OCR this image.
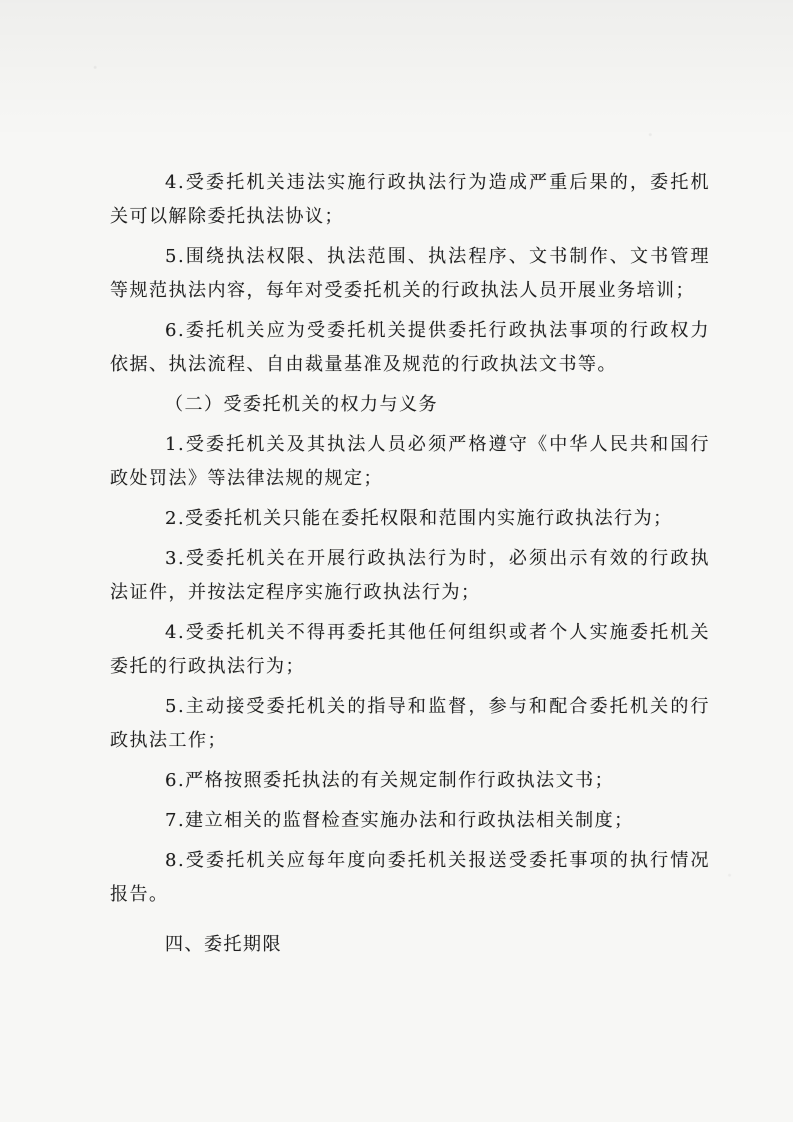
4.受委托机关违法实施行政执法行为造成严重后果的，委托机关可以解除委托执法协议；

5.围绕执法权限、执法范围、执法程序、文书制作、文书管理等规范执法内容，每年对受委托机关的行政执法人员开展业务培训；

6.委托机关应为受委托机关提供委托行政执法事项的行政权力依据、执法流程、自由裁量基准及规范的行政执法文书等。

（二）受委托机关的权力与义务

1.受委托机关及其执法人员必须严格遵守《中华人民共和国行政处罚法》等法律法规的规定；

2.受委托机关只能在委托权限和范围内实施行政执法行为；

3.受委托机关在开展行政执法行为时，必须出示有效的行政执法证件，并按法定程序实施行政执法行为；

4.受委托机关不得再委托其他任何组织或者个人实施委托机关委托的行政执法行为；

5.主动接受委托机关的指导和监督，参与和配合委托机关的行政执法工作；

6.严格按照委托执法的有关规定制作行政执法文书；

7.建立相关的监督检查实施办法和行政执法相关制度；

8.受委托机关应每年度向委托机关报送受委托事项的执行情况报告。

四、委托期限
